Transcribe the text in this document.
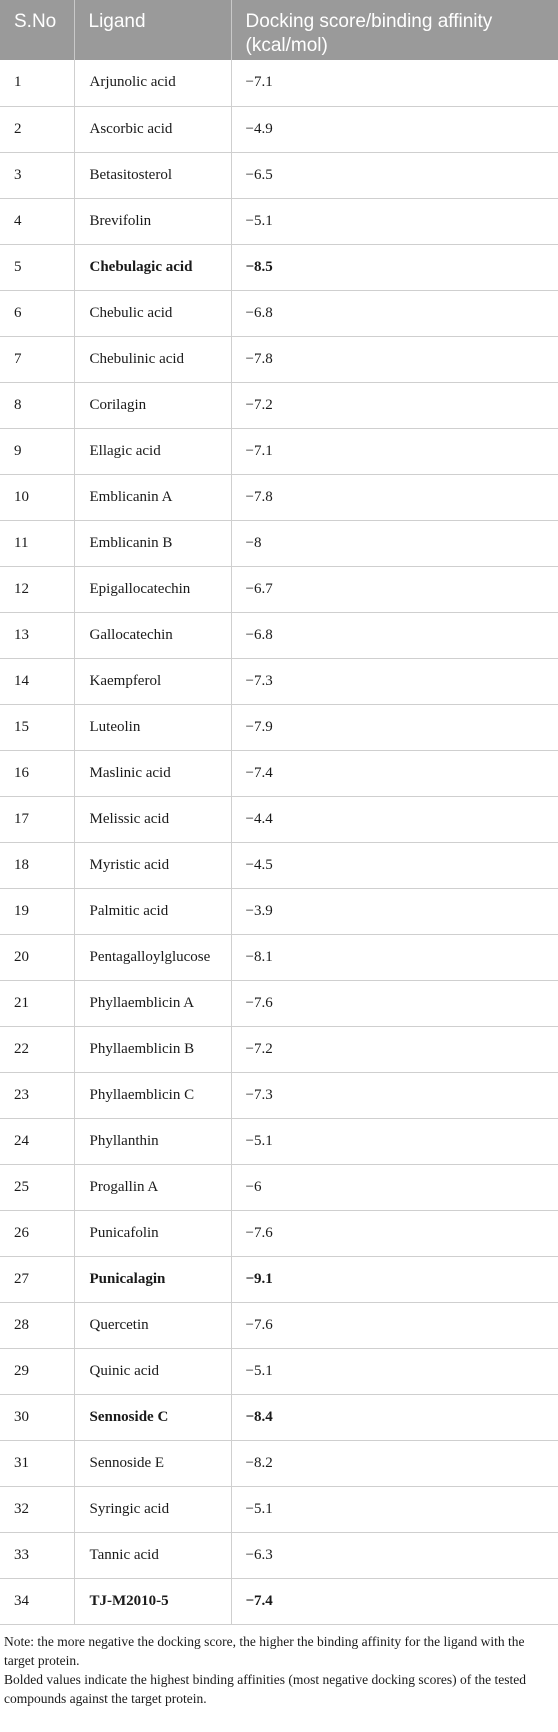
S.No	Ligand	Docking score/binding affinity (kcal/mol)
1	Arjunolic acid	−7.1
2	Ascorbic acid	−4.9
3	Betasitosterol	−6.5
4	Brevifolin	−5.1
5	Chebulagic acid	−8.5
6	Chebulic acid	−6.8
7	Chebulinic acid	−7.8
8	Corilagin	−7.2
9	Ellagic acid	−7.1
10	Emblicanin A	−7.8
11	Emblicanin B	−8
12	Epigallocatechin	−6.7
13	Gallocatechin	−6.8
14	Kaempferol	−7.3
15	Luteolin	−7.9
16	Maslinic acid	−7.4
17	Melissic acid	−4.4
18	Myristic acid	−4.5
19	Palmitic acid	−3.9
20	Pentagalloylglucose	−8.1
21	Phyllaemblicin A	−7.6
22	Phyllaemblicin B	−7.2
23	Phyllaemblicin C	−7.3
24	Phyllanthin	−5.1
25	Progallin A	−6
26	Punicafolin	−7.6
27	Punicalagin	−9.1
28	Quercetin	−7.6
29	Quinic acid	−5.1
30	Sennoside C	−8.4
31	Sennoside E	−8.2
32	Syringic acid	−5.1
33	Tannic acid	−6.3
34	TJ-M2010-5	−7.4

Note: the more negative the docking score, the higher the binding affinity for the ligand with the target protein.

Bolded values indicate the highest binding affinities (most negative docking scores) of the tested compounds against the target protein.
